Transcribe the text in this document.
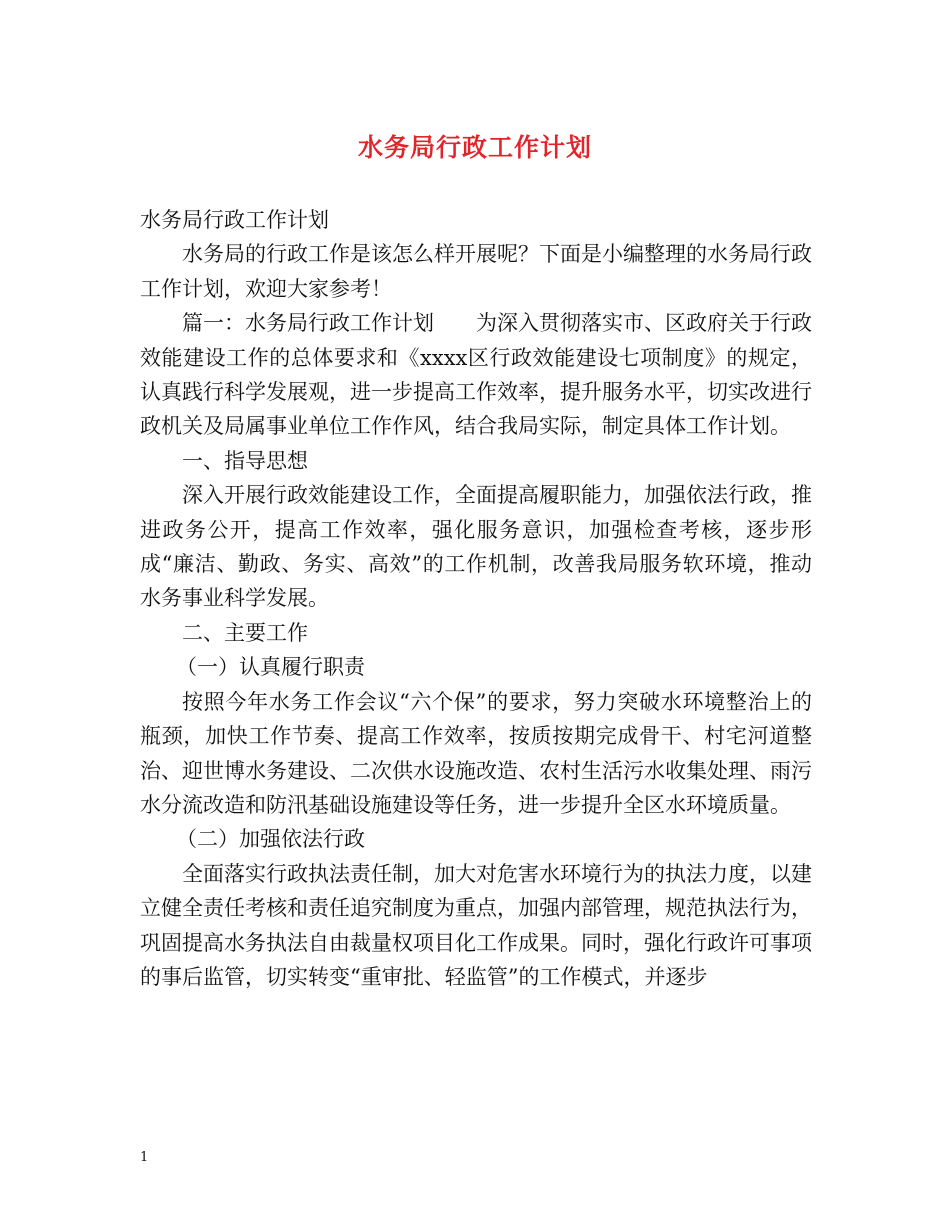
水务局行政工作计划

水务局行政工作计划

水务局的行政工作是该怎么样开展呢？下面是小编整理的水务局行政工作计划，欢迎大家参考！

篇一：水务局行政工作计划　　为深入贯彻落实市、区政府关于行政效能建设工作的总体要求和《xxxx区行政效能建设七项制度》的规定，认真践行科学发展观，进一步提高工作效率，提升服务水平，切实改进行政机关及局属事业单位工作作风，结合我局实际，制定具体工作计划。

一、指导思想

深入开展行政效能建设工作，全面提高履职能力，加强依法行政，推进政务公开，提高工作效率，强化服务意识，加强检查考核，逐步形成“廉洁、勤政、务实、高效”的工作机制，改善我局服务软环境，推动水务事业科学发展。

二、主要工作

（一）认真履行职责

按照今年水务工作会议“六个保”的要求，努力突破水环境整治上的瓶颈，加快工作节奏、提高工作效率，按质按期完成骨干、村宅河道整治、迎世博水务建设、二次供水设施改造、农村生活污水收集处理、雨污水分流改造和防汛基础设施建设等任务，进一步提升全区水环境质量。

（二）加强依法行政

全面落实行政执法责任制，加大对危害水环境行为的执法力度，以建立健全责任考核和责任追究制度为重点，加强内部管理，规范执法行为，巩固提高水务执法自由裁量权项目化工作成果。同时，强化行政许可事项的事后监管，切实转变“重审批、轻监管”的工作模式，并逐步

1
